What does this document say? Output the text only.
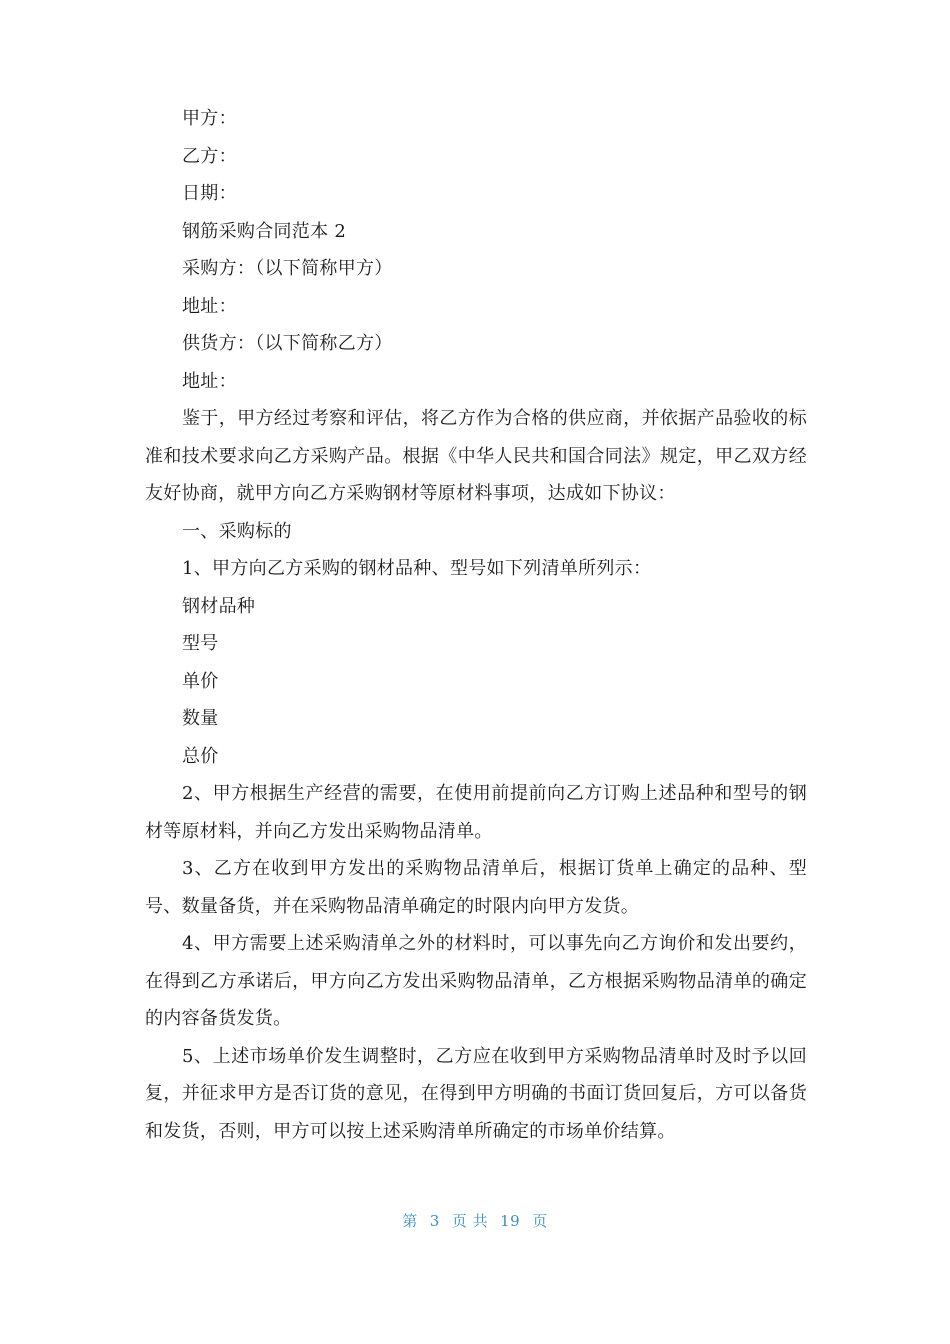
甲方：

乙方：

日期：

钢筋采购合同范本 2

采购方：（以下简称甲方）

地址：

供货方：（以下简称乙方）

地址：

鉴于，甲方经过考察和评估，将乙方作为合格的供应商，并依据产品验收的标准和技术要求向乙方采购产品。根据《中华人民共和国合同法》规定，甲乙双方经友好协商，就甲方向乙方采购钢材等原材料事项，达成如下协议：

一、采购标的

1、甲方向乙方采购的钢材品种、型号如下列清单所列示：

钢材品种

型号

单价

数量

总价

2、甲方根据生产经营的需要，在使用前提前向乙方订购上述品种和型号的钢材等原材料，并向乙方发出采购物品清单。

3、乙方在收到甲方发出的采购物品清单后，根据订货单上确定的品种、型号、数量备货，并在采购物品清单确定的时限内向甲方发货。

4、甲方需要上述采购清单之外的材料时，可以事先向乙方询价和发出要约，在得到乙方承诺后，甲方向乙方发出采购物品清单，乙方根据采购物品清单的确定的内容备货发货。

5、上述市场单价发生调整时，乙方应在收到甲方采购物品清单时及时予以回复，并征求甲方是否订货的意见，在得到甲方明确的书面订货回复后，方可以备货和发货，否则，甲方可以按上述采购清单所确定的市场单价结算。

第 3 页 共 19 页
